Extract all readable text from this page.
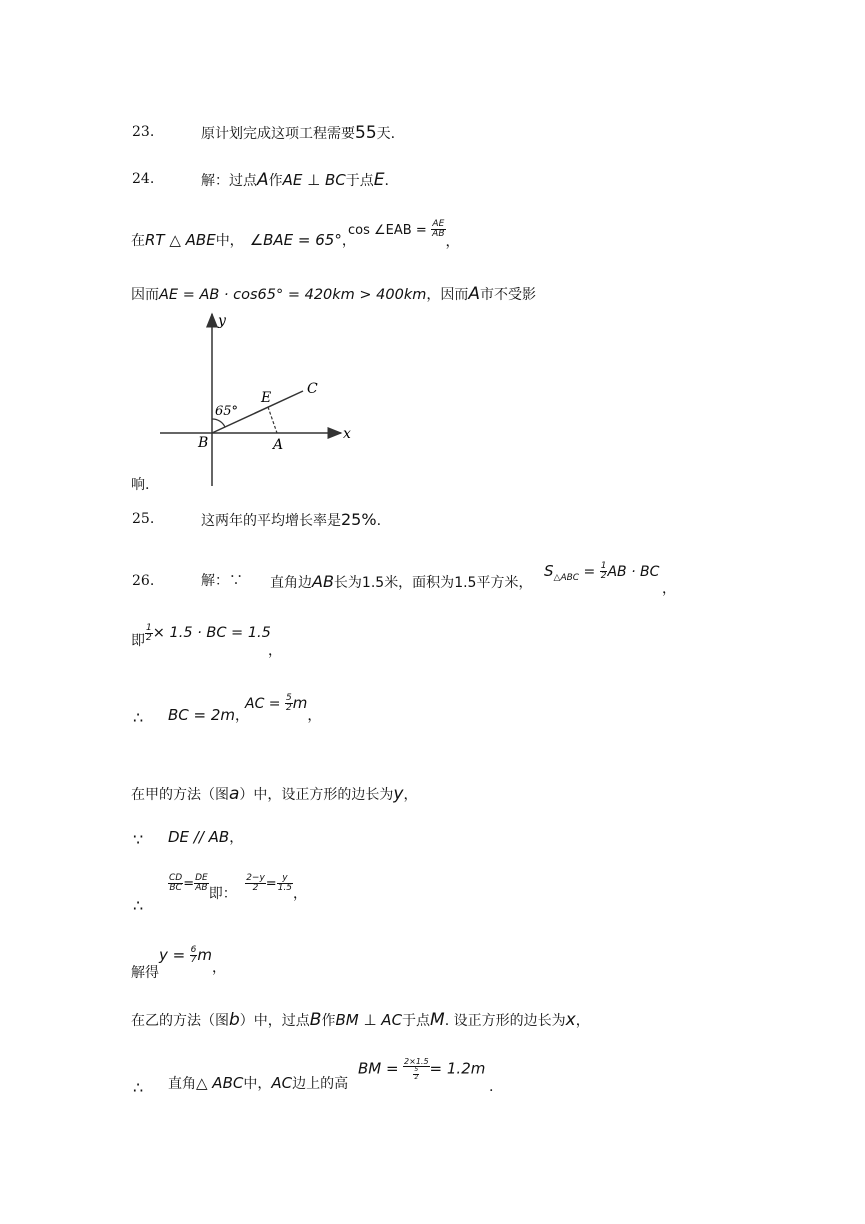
23.	原计划完成这项工程需要55天.
24.	解：过点A作AE ⊥ BC于点E.
在RT △ ABE中， ∠BAE = 65°，
cos ∠EAB = $\frac{AE}{AB}$
，
因而AE = AB · cos65° = 420km > 400km，因而A市不受影
y
x
B
E
C
A
65°
响.
25.	这两年的平均增长率是25%.
26.	解：∵ 直角边AB长为1.5米，面积为1.5平方米，
$S_{\triangle ABC} = \frac{1}{2}$ AB · BC
，
即 $\frac{1}{2} \times 1.5$ · BC = 1.5
，
∴ BC = 2m，
AC = $\frac{5}{2}$ m，
在甲的方法（图a）中，设正方形的边长为y，
∵ DE // AB，
∴
$\frac{CD}{BC} = \frac{DE}{AB}$
即：
$\frac{2-y}{2} = \frac{y}{1.5}$
，
解得
$y = \frac{6}{7}$ m，
在乙的方法（图b）中，过点B作BM ⊥ AC于点M. 设正方形的边长为x，
∴ 直角△ ABC中，AC边上的高
BM = $\frac{2\times 1.5}{\frac{5}{2}} = 1.2m$
.
